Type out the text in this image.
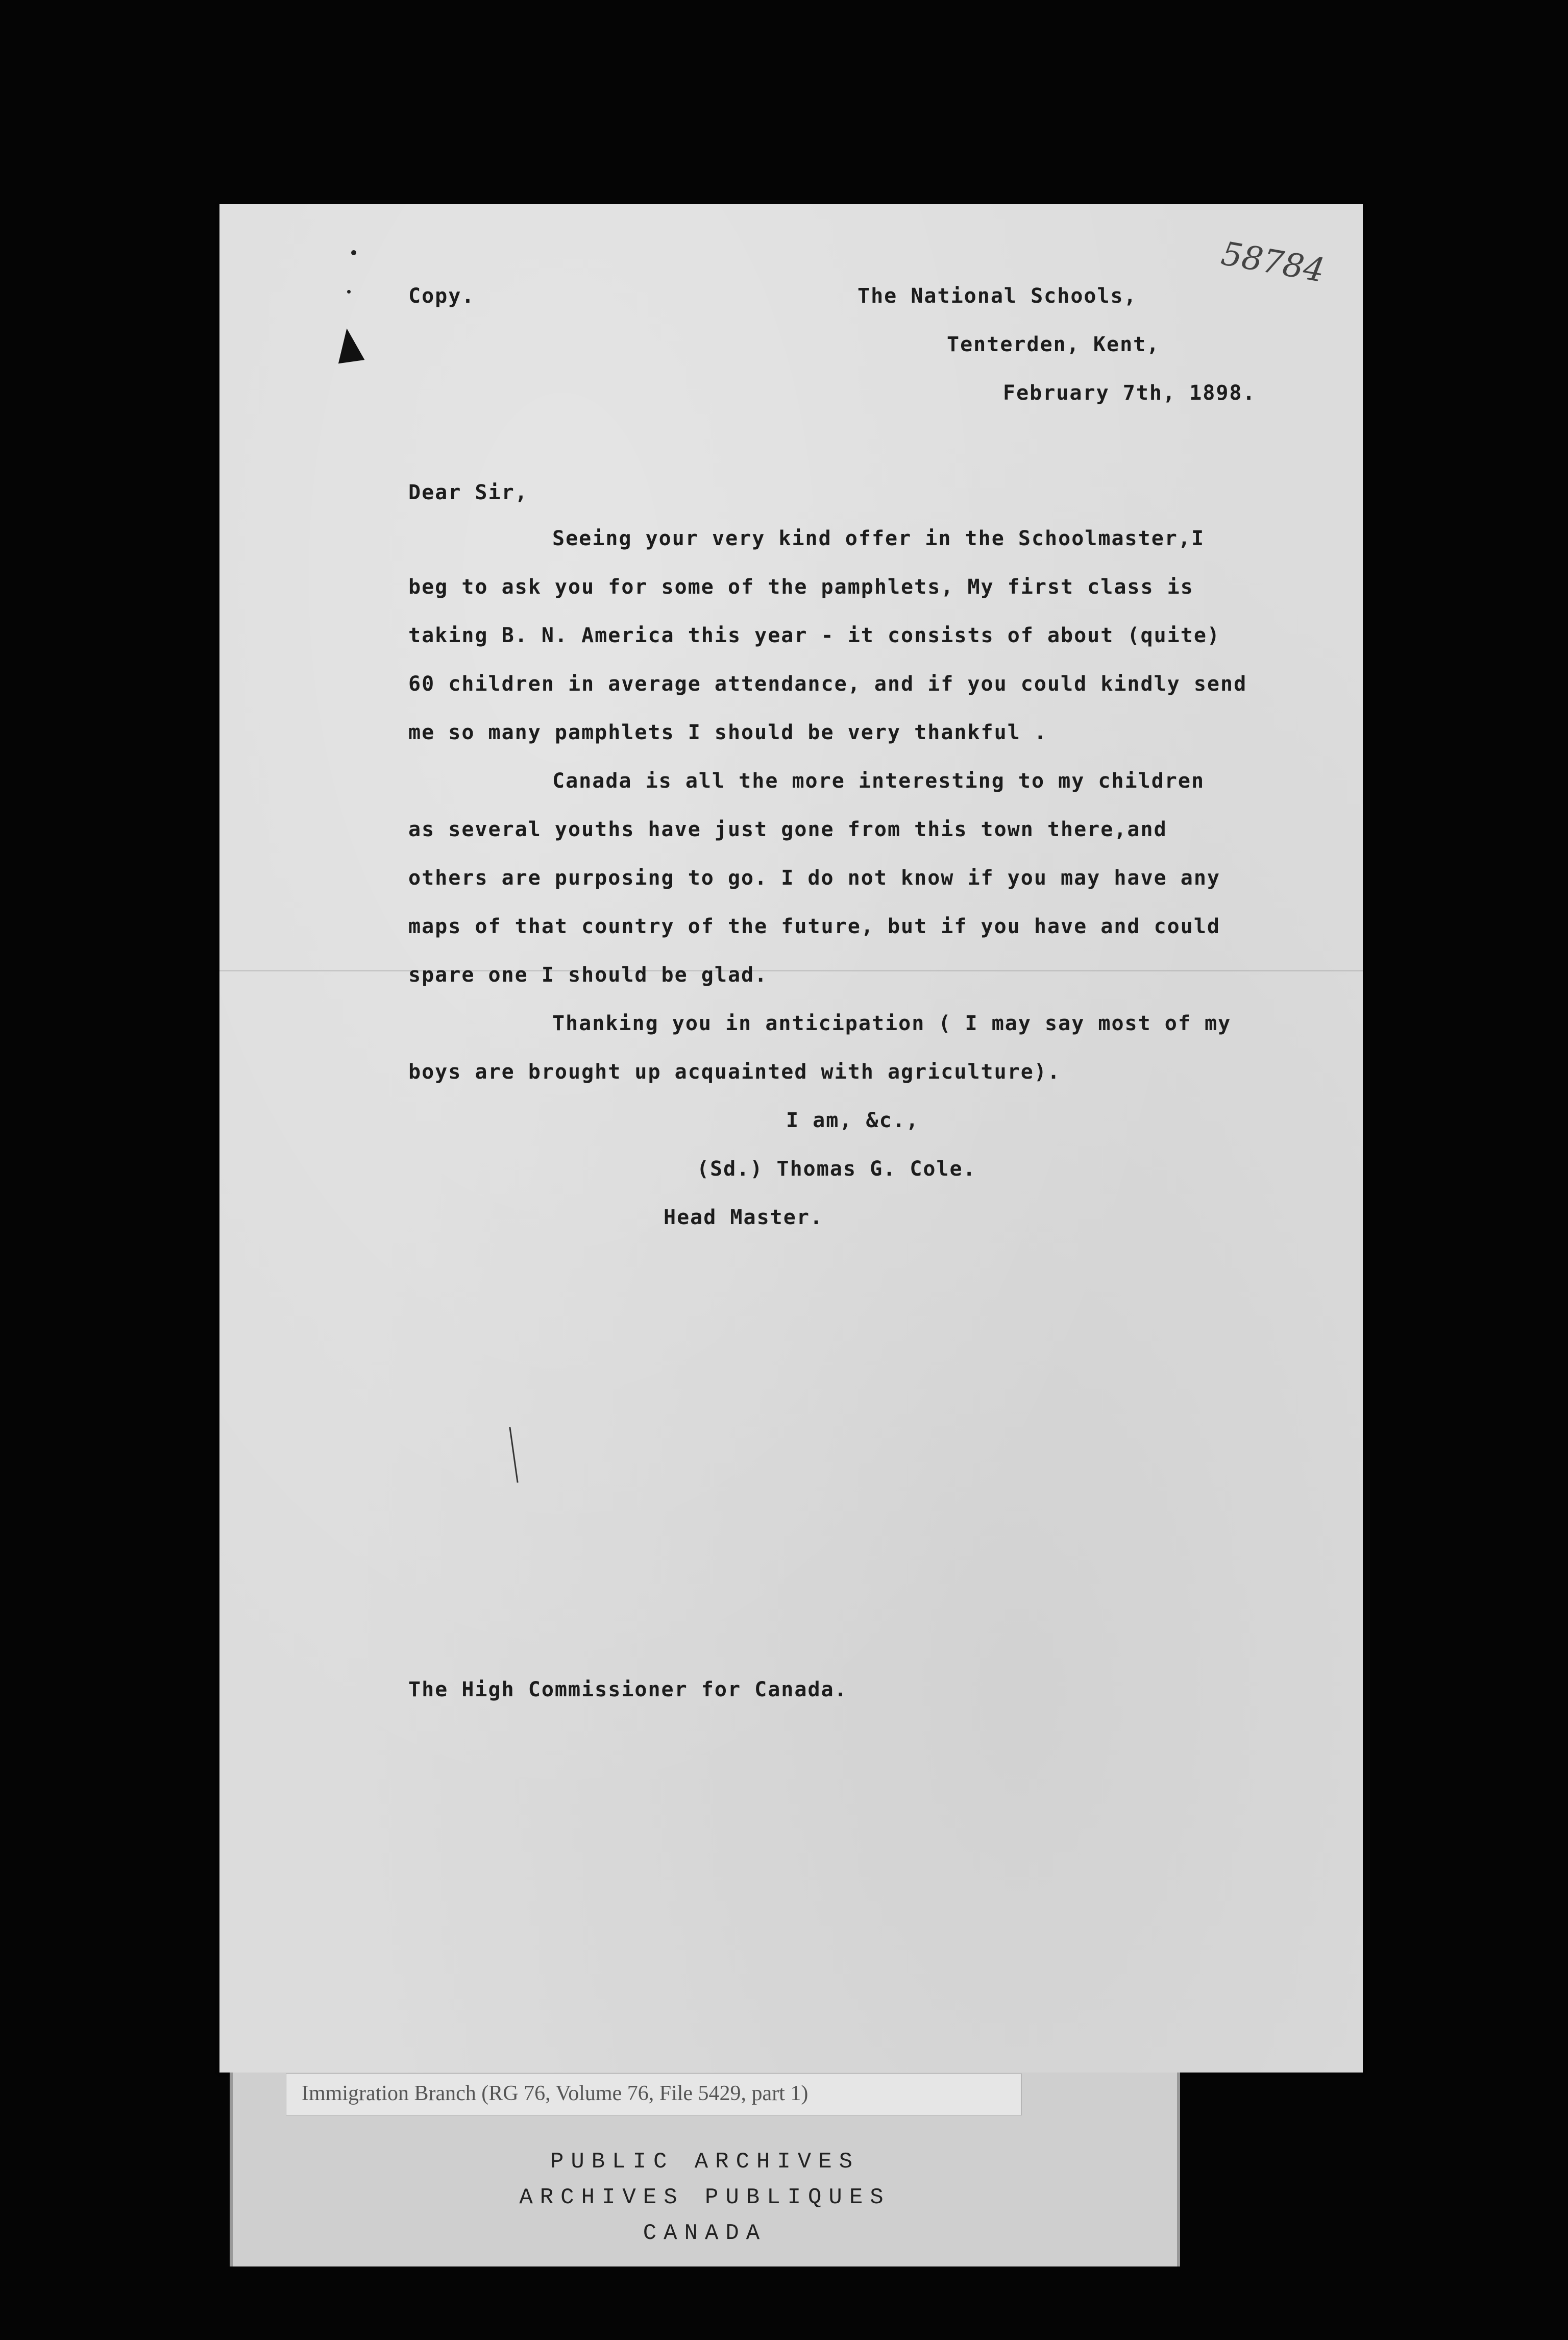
58784
Copy.	The National Schools,
Tenterden, Kent,
February 7th, 1898.
Dear Sir,
Seeing your very kind offer in the Schoolmaster,I
beg to ask you for some of the pamphlets, My first class is
taking B. N. America this year - it consists of about (quite)
60 children in average attendance, and if you could kindly send
me so many pamphlets I should be very thankful .
Canada is all the more interesting to my children
as several youths have just gone from this town there,and
others are purposing to go. I do not know if you may have any
maps of that country of the future, but if you have and could
spare one I should be glad.
Thanking you in anticipation ( I may say most of my
boys are brought up acquainted with agriculture).
I am, &c.,
(Sd.) Thomas G. Cole.
Head Master.
The High Commissioner for Canada.
PUBLIC ARCHIVES
ARCHIVES PUBLIQUES
CANADA
Immigration Branch (RG 76, Volume 76, File 5429, part 1)
